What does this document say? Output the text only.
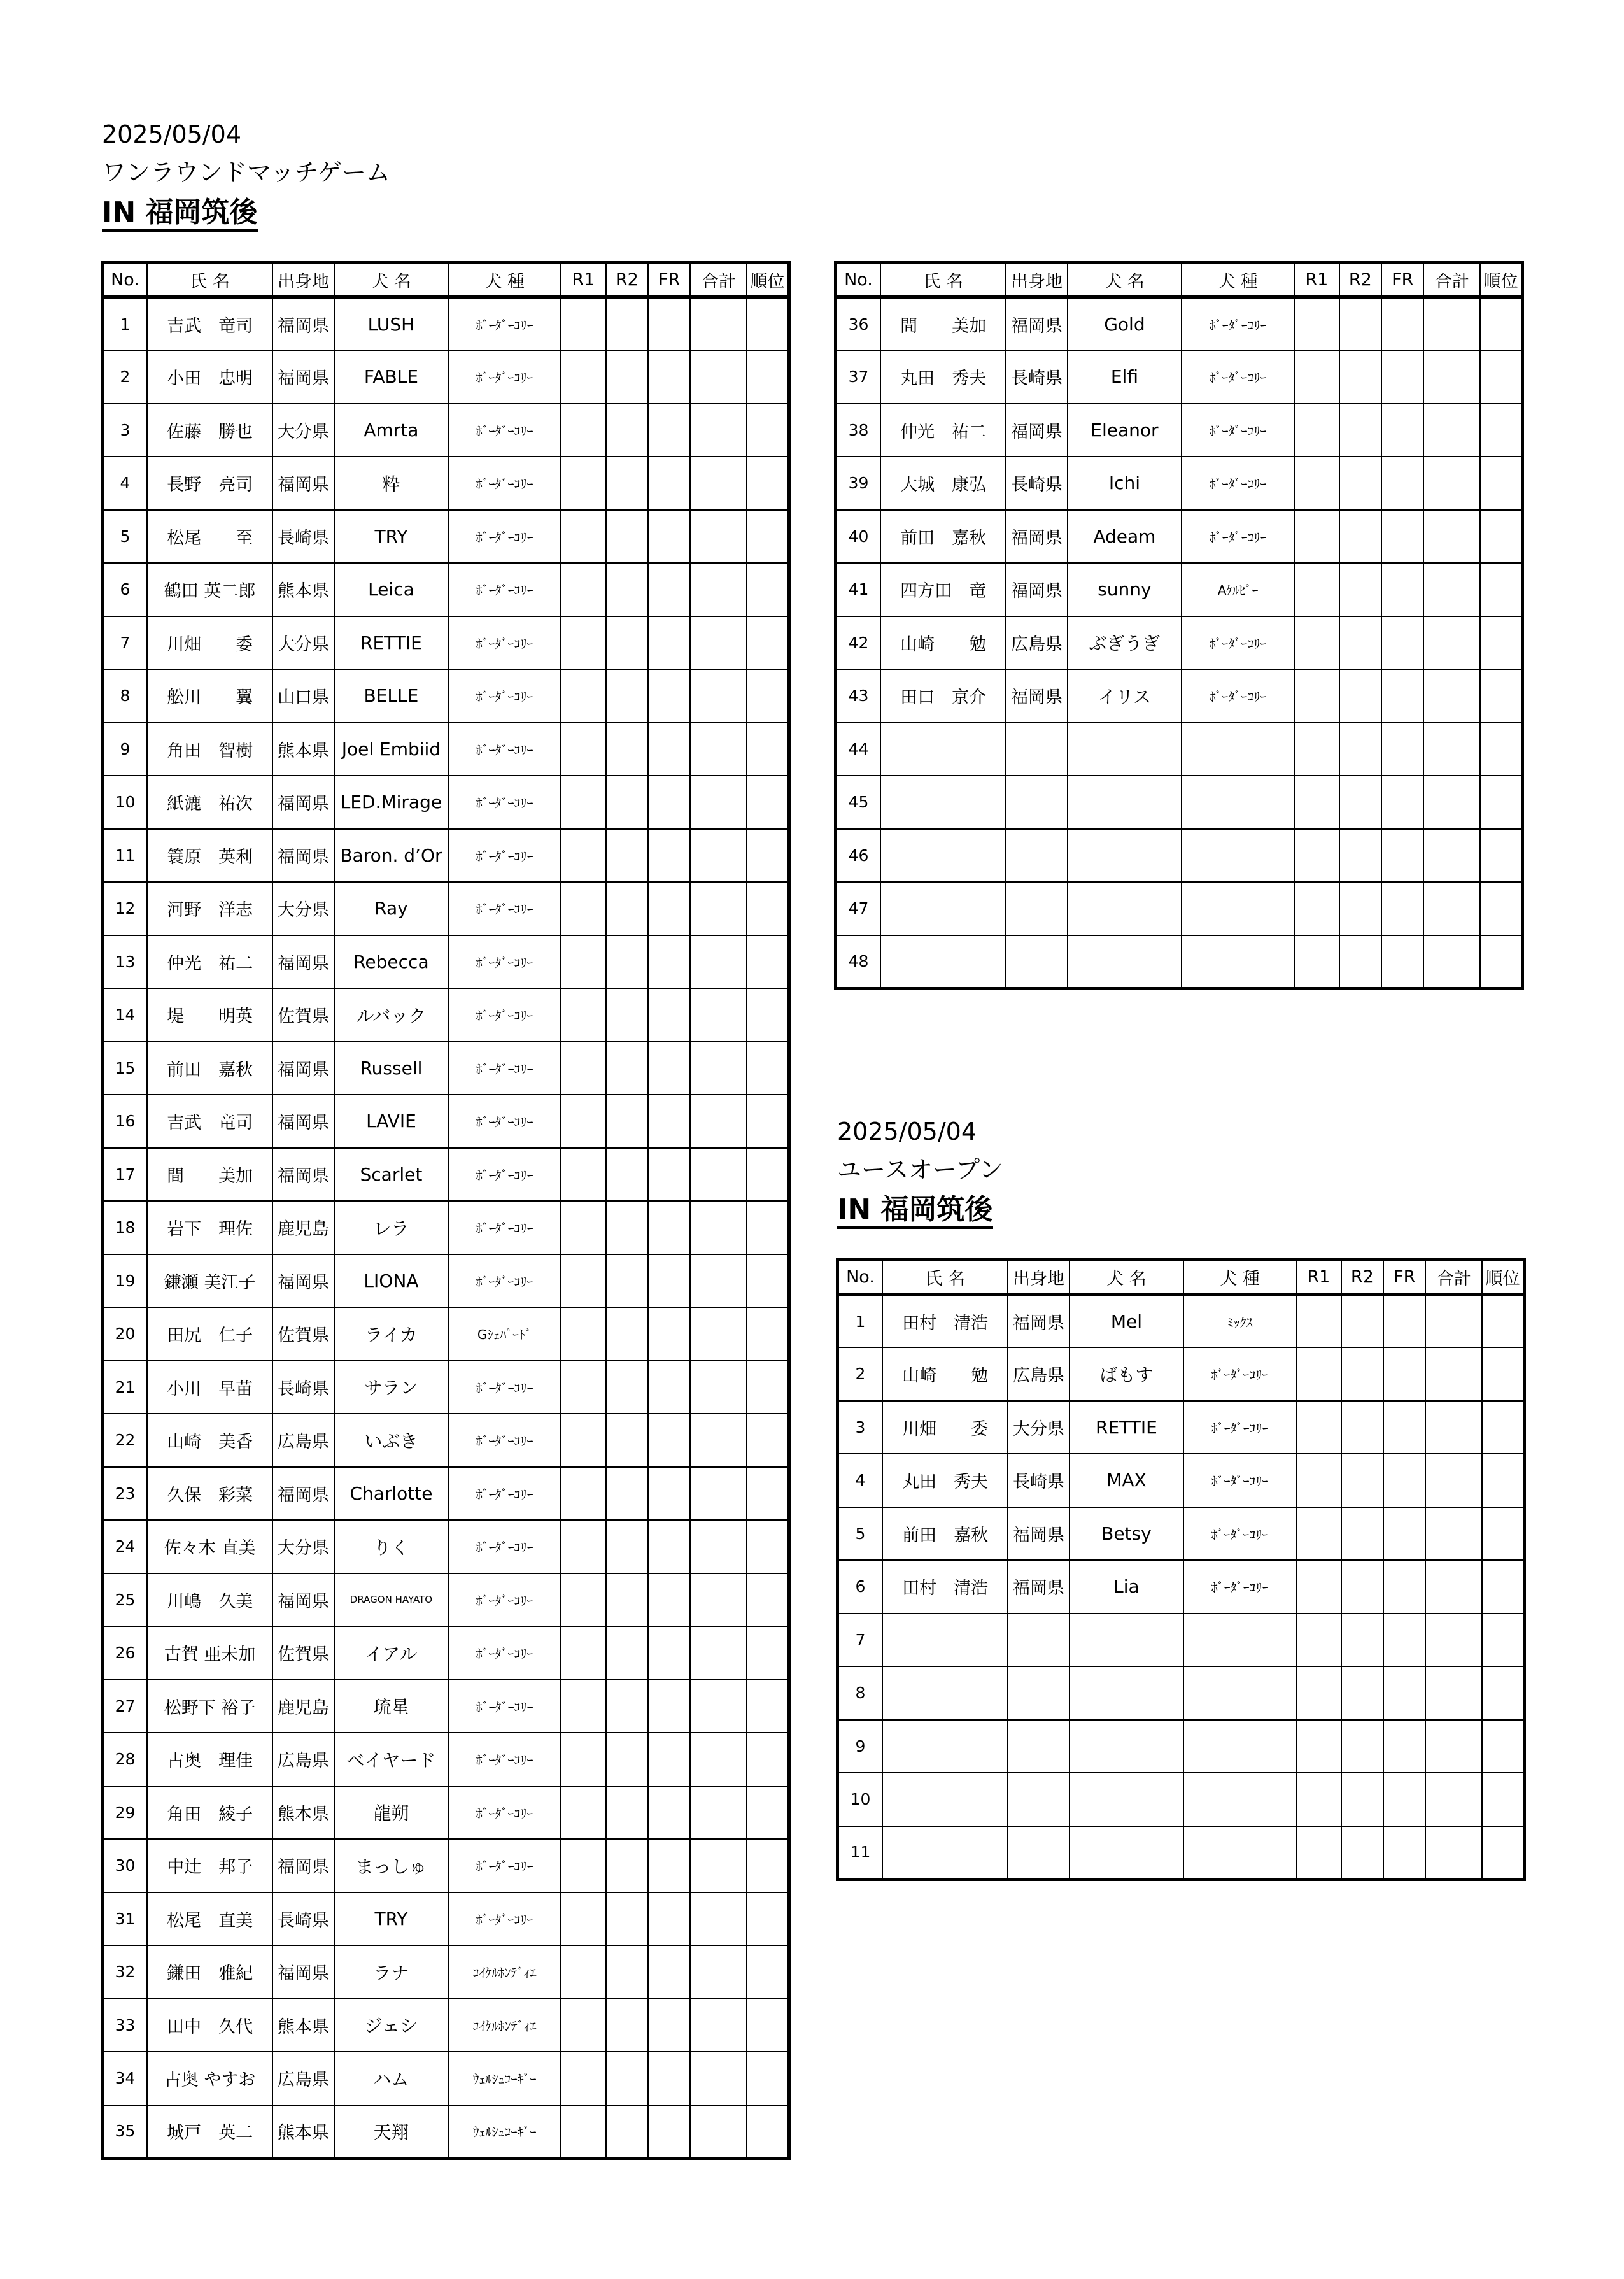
2025/05/04
ワンラウンドマッチゲーム
IN 福岡筑後
No.	氏 名	出身地	犬 名	犬 種	R1	R2	FR	合計	順位
1	吉武　竜司	福岡県	LUSH	ﾎﾞｰﾀﾞｰｺﾘｰ					
2	小田　忠明	福岡県	FABLE	ﾎﾞｰﾀﾞｰｺﾘｰ					
3	佐藤　勝也	大分県	Amrta	ﾎﾞｰﾀﾞｰｺﾘｰ					
4	長野　亮司	福岡県	粋	ﾎﾞｰﾀﾞｰｺﾘｰ					
5	松尾　　至	長崎県	TRY	ﾎﾞｰﾀﾞｰｺﾘｰ					
6	鶴田 英二郎	熊本県	Leica	ﾎﾞｰﾀﾞｰｺﾘｰ					
7	川畑　　委	大分県	RETTIE	ﾎﾞｰﾀﾞｰｺﾘｰ					
8	舩川　　翼	山口県	BELLE	ﾎﾞｰﾀﾞｰｺﾘｰ					
9	角田　智樹	熊本県	Joel Embiid	ﾎﾞｰﾀﾞｰｺﾘｰ					
10	紙漉　祐次	福岡県	LED.Mirage	ﾎﾞｰﾀﾞｰｺﾘｰ					
11	簑原　英利	福岡県	Baron. d’Or	ﾎﾞｰﾀﾞｰｺﾘｰ					
12	河野　洋志	大分県	Ray	ﾎﾞｰﾀﾞｰｺﾘｰ					
13	仲光　祐二	福岡県	Rebecca	ﾎﾞｰﾀﾞｰｺﾘｰ					
14	堤　　明英	佐賀県	ルバック	ﾎﾞｰﾀﾞｰｺﾘｰ					
15	前田　嘉秋	福岡県	Russell	ﾎﾞｰﾀﾞｰｺﾘｰ					
16	吉武　竜司	福岡県	LAVIE	ﾎﾞｰﾀﾞｰｺﾘｰ					
17	間　　美加	福岡県	Scarlet	ﾎﾞｰﾀﾞｰｺﾘｰ					
18	岩下　理佐	鹿児島	レラ	ﾎﾞｰﾀﾞｰｺﾘｰ					
19	鎌瀬 美江子	福岡県	LIONA	ﾎﾞｰﾀﾞｰｺﾘｰ					
20	田尻　仁子	佐賀県	ライカ	Gｼｪﾊﾟｰﾄﾞ					
21	小川　早苗	長崎県	サラン	ﾎﾞｰﾀﾞｰｺﾘｰ					
22	山崎　美香	広島県	いぶき	ﾎﾞｰﾀﾞｰｺﾘｰ					
23	久保　彩菜	福岡県	Charlotte	ﾎﾞｰﾀﾞｰｺﾘｰ					
24	佐々木 直美	大分県	りく	ﾎﾞｰﾀﾞｰｺﾘｰ					
25	川嶋　久美	福岡県	DRAGON HAYATO	ﾎﾞｰﾀﾞｰｺﾘｰ					
26	古賀 亜未加	佐賀県	イアル	ﾎﾞｰﾀﾞｰｺﾘｰ					
27	松野下 裕子	鹿児島	琉星	ﾎﾞｰﾀﾞｰｺﾘｰ					
28	古奥　理佳	広島県	ベイヤード	ﾎﾞｰﾀﾞｰｺﾘｰ					
29	角田　綾子	熊本県	龍朔	ﾎﾞｰﾀﾞｰｺﾘｰ					
30	中辻　邦子	福岡県	まっしゅ	ﾎﾞｰﾀﾞｰｺﾘｰ					
31	松尾　直美	長崎県	TRY	ﾎﾞｰﾀﾞｰｺﾘｰ					
32	鎌田　雅紀	福岡県	ラナ	ｺｲｹﾙﾎﾝﾃﾞｨｴ					
33	田中　久代	熊本県	ジェシ	ｺｲｹﾙﾎﾝﾃﾞｨｴ					
34	古奥 やすお	広島県	ハム	ｳｪﾙｼｭｺｰｷﾞｰ					
35	城戸　英二	熊本県	天翔	ｳｪﾙｼｭｺｰｷﾞｰ					
No.	氏 名	出身地	犬 名	犬 種	R1	R2	FR	合計	順位
36	間　　美加	福岡県	Gold	ﾎﾞｰﾀﾞｰｺﾘｰ					
37	丸田　秀夫	長崎県	Elfi	ﾎﾞｰﾀﾞｰｺﾘｰ					
38	仲光　祐二	福岡県	Eleanor	ﾎﾞｰﾀﾞｰｺﾘｰ					
39	大城　康弘	長崎県	Ichi	ﾎﾞｰﾀﾞｰｺﾘｰ					
40	前田　嘉秋	福岡県	Adeam	ﾎﾞｰﾀﾞｰｺﾘｰ					
41	四方田　竜	福岡県	sunny	Aｹﾙﾋﾟｰ					
42	山崎　　勉	広島県	ぶぎうぎ	ﾎﾞｰﾀﾞｰｺﾘｰ					
43	田口　京介	福岡県	イリス	ﾎﾞｰﾀﾞｰｺﾘｰ					
44									
45									
46									
47									
48									
2025/05/04
ユースオープン
IN 福岡筑後
No.	氏 名	出身地	犬 名	犬 種	R1	R2	FR	合計	順位
1	田村　清浩	福岡県	Mel	ﾐｯｸｽ					
2	山崎　　勉	広島県	ばもす	ﾎﾞｰﾀﾞｰｺﾘｰ					
3	川畑　　委	大分県	RETTIE	ﾎﾞｰﾀﾞｰｺﾘｰ					
4	丸田　秀夫	長崎県	MAX	ﾎﾞｰﾀﾞｰｺﾘｰ					
5	前田　嘉秋	福岡県	Betsy	ﾎﾞｰﾀﾞｰｺﾘｰ					
6	田村　清浩	福岡県	Lia	ﾎﾞｰﾀﾞｰｺﾘｰ					
7									
8									
9									
10									
11									
